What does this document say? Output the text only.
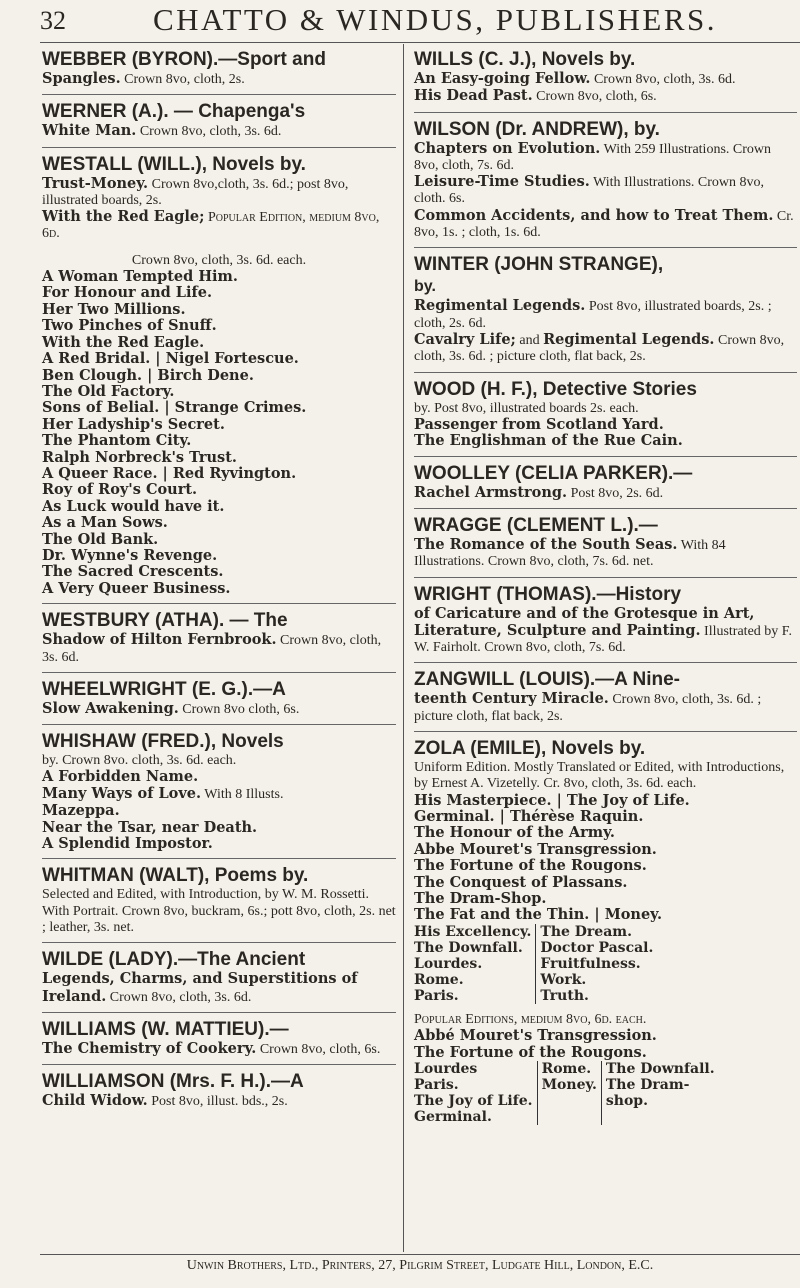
32	CHATTO & WINDUS, PUBLISHERS.
WEBBER (BYRON).—Sport and

Spangles. Crown 8vo, cloth, 2s.

WERNER (A.). — Chapenga's

White Man. Crown 8vo, cloth, 3s. 6d.

WESTALL (WILL.), Novels by.

Trust-Money. Crown 8vo,cloth, 3s. 6d.; post 8vo, illustrated boards, 2s.

With the Red Eagle; Popular Edition, medium 8vo, 6d.

Crown 8vo, cloth, 3s. 6d. each.

A Woman Tempted Him.

For Honour and Life.

Her Two Millions.

Two Pinches of Snuff.

With the Red Eagle.

A Red Bridal. | Nigel Fortescue.

Ben Clough. | Birch Dene.

The Old Factory.

Sons of Belial. | Strange Crimes.

Her Ladyship's Secret.

The Phantom City.

Ralph Norbreck's Trust.

A Queer Race. | Red Ryvington.

Roy of Roy's Court.

As Luck would have it.

As a Man Sows.

The Old Bank.

Dr. Wynne's Revenge.

The Sacred Crescents.

A Very Queer Business.

WESTBURY (ATHA). — The

Shadow of Hilton Fernbrook. Crown 8vo, cloth, 3s. 6d.

WHEELWRIGHT (E. G.).—A

Slow Awakening. Crown 8vo cloth, 6s.

WHISHAW (FRED.), Novels

by. Crown 8vo. cloth, 3s. 6d. each.

A Forbidden Name.

Many Ways of Love. With 8 Illusts.

Mazeppa.

Near the Tsar, near Death.

A Splendid Impostor.

WHITMAN (WALT), Poems by.

Selected and Edited, with Introduction, by W. M. Rossetti. With Portrait. Crown 8vo, buckram, 6s.; pott 8vo, cloth, 2s. net ; leather, 3s. net.

WILDE (LADY).—The Ancient

Legends, Charms, and Superstitions of Ireland. Crown 8vo, cloth, 3s. 6d.

WILLIAMS (W. MATTIEU).—

The Chemistry of Cookery. Crown 8vo, cloth, 6s.

WILLIAMSON (Mrs. F. H.).—A

Child Widow. Post 8vo, illust. bds., 2s.

WILLS (C. J.), Novels by.

An Easy-going Fellow. Crown 8vo, cloth, 3s. 6d.

His Dead Past. Crown 8vo, cloth, 6s.

WILSON (Dr. ANDREW), by.

Chapters on Evolution. With 259 Illustrations. Crown 8vo, cloth, 7s. 6d.

Leisure-Time Studies. With Illustrations. Crown 8vo, cloth. 6s.

Common Accidents, and how to Treat Them. Cr. 8vo, 1s. ; cloth, 1s. 6d.

WINTER (JOHN STRANGE),
by.

Regimental Legends. Post 8vo, illustrated boards, 2s. ; cloth, 2s. 6d.

Cavalry Life; and Regimental Legends. Crown 8vo, cloth, 3s. 6d. ; picture cloth, flat back, 2s.

WOOD (H. F.), Detective Stories

by. Post 8vo, illustrated boards 2s. each.

Passenger from Scotland Yard.

The Englishman of the Rue Cain.

WOOLLEY (CELIA PARKER).—

Rachel Armstrong. Post 8vo, 2s. 6d.

WRAGGE (CLEMENT L.).—

The Romance of the South Seas. With 84 Illustrations. Crown 8vo, cloth, 7s. 6d. net.

WRIGHT (THOMAS).—History

of Caricature and of the Grotesque in Art, Literature, Sculpture and Painting. Illustrated by F. W. Fairholt. Crown 8vo, cloth, 7s. 6d.

ZANGWILL (LOUIS).—A Nine-

teenth Century Miracle. Crown 8vo, cloth, 3s. 6d. ; picture cloth, flat back, 2s.

ZOLA (EMILE), Novels by.

Uniform Edition. Mostly Translated or Edited, with Introductions, by Ernest A. Vizetelly. Cr. 8vo, cloth, 3s. 6d. each.

His Masterpiece. | The Joy of Life.

Germinal. | Thérèse Raquin.

The Honour of the Army.

Abbe Mouret's Transgression.

The Fortune of the Rougons.

The Conquest of Plassans.

The Dram-Shop.

The Fat and the Thin. | Money.

His Excellency.	The Dream.
The Downfall.	Doctor Pascal.
Lourdes.	Fruitfulness.
Rome.	Work.
Paris.	Truth.

Popular Editions, medium 8vo, 6d. each.

Abbé Mouret's Transgression.

The Fortune of the Rougons.

Lourdes	Rome.	The Downfall.
Paris.	Money.	The Dram-
The Joy of Life.		shop.
Germinal.		
Unwin Brothers, Ltd., Printers, 27, Pilgrim Street, Ludgate Hill, London, E.C.
